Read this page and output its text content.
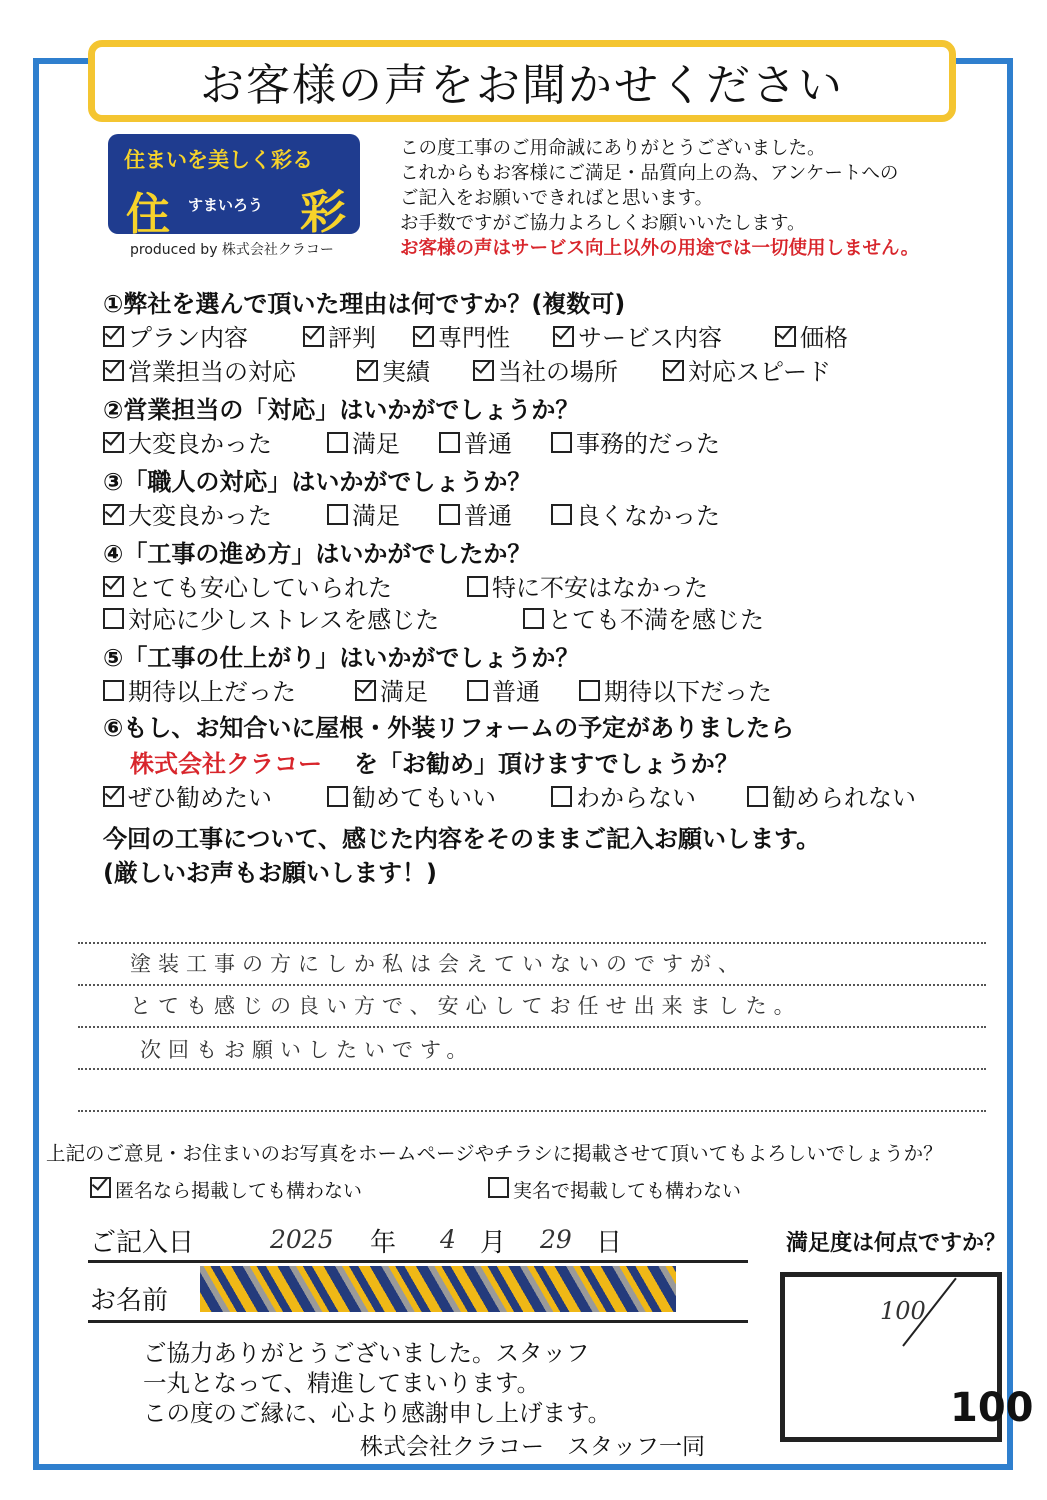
お客様の声をお聞かせください
住まいを美しく彩る
住 すまいろう 彩
produced by 株式会社クラコー
この度工事のご用命誠にありがとうございました。
これからもお客様にご満足・品質向上の為、アンケートへの
ご記入をお願いできればと思います。
お手数ですがご協力よろしくお願いいたします。
お客様の声はサービス向上以外の用途では一切使用しません。
①弊社を選んで頂いた理由は何ですか？(複数可)
プラン内容	評判	専門性	サービス内容	価格
営業担当の対応	実績	当社の場所	対応スピード
②営業担当の「対応」はいかがでしょうか？
大変良かった	満足	普通	事務的だった
③「職人の対応」はいかがでしょうか？
大変良かった	満足	普通	良くなかった
④「工事の進め方」はいかがでしたか？
とても安心していられた	特に不安はなかった
対応に少しストレスを感じた	とても不満を感じた
⑤「工事の仕上がり」はいかがでしょうか？
期待以上だった	満足	普通	期待以下だった
⑥もし、お知合いに屋根・外装リフォームの予定がありましたら
株式会社クラコー を「お勧め」頂けますでしょうか？
ぜひ勧めたい	勧めてもいい	わからない	勧められない
今回の工事について、感じた内容をそのままご記入お願いします。
(厳しいお声もお願いします！)
塗装工事の方にしか私は会えていないのですが、
とても感じの良い方で、安心してお任せ出来ました。
次回もお願いしたいです。
上記のご意見・お住まいのお写真をホームページやチラシに掲載させて頂いてもよろしいでしょうか？
匿名なら掲載しても構わない	実名で掲載しても構わない
ご記入日	2025 年 4 月 29 日
お名前
満足度は何点ですか？
100
100
ご協力ありがとうございました。スタッフ
一丸となって、精進してまいります。
この度のご縁に、心より感謝申し上げます。
株式会社クラコー　スタッフ一同
